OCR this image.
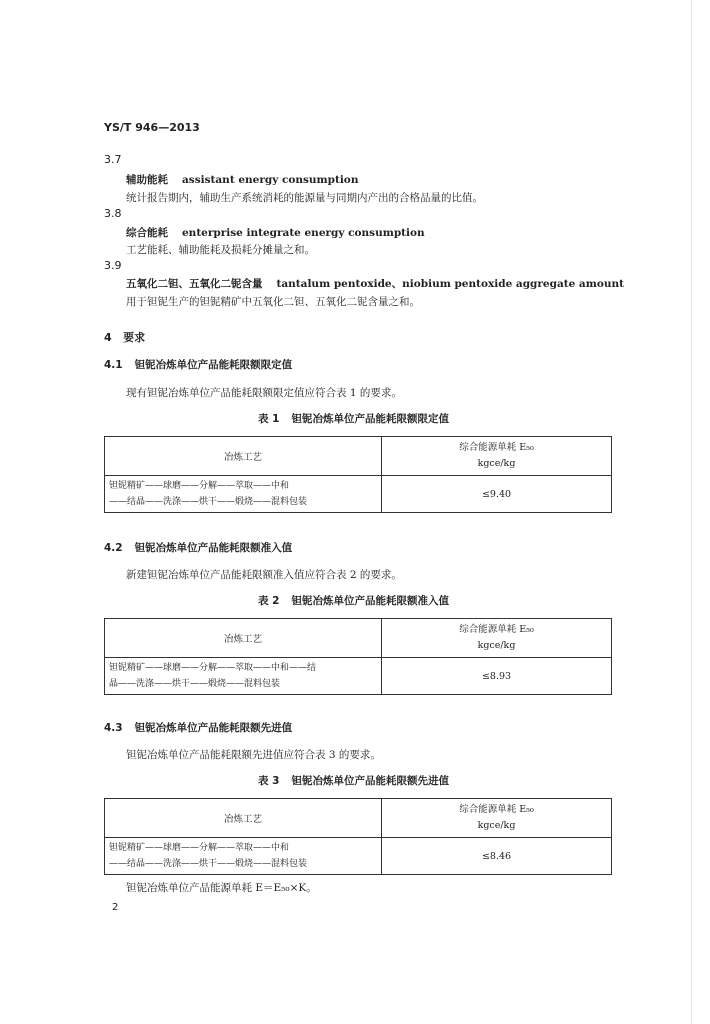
YS/T 946—2013
3.7
辅助能耗 assistant energy consumption
统计报告期内，辅助生产系统消耗的能源量与同期内产出的合格品量的比值。
3.8
综合能耗 enterprise integrate energy consumption
工艺能耗、辅助能耗及损耗分摊量之和。
3.9
五氧化二钽、五氧化二铌含量 tantalum pentoxide、niobium pentoxide aggregate amount
用于钽铌生产的钽铌精矿中五氧化二钽、五氧化二铌含量之和。
4 要求
4.1 钽铌冶炼单位产品能耗限额限定值
现有钽铌冶炼单位产品能耗限额限定值应符合表 1 的要求。
表 1 钽铌冶炼单位产品能耗限额限定值
冶炼工艺	综合能源单耗 E₅₀
kgce/kg

钽铌精矿——球磨——分解——萃取——中和
——结晶——洗涤——烘干——煅烧——混料包装	≤9.40
4.2 钽铌冶炼单位产品能耗限额准入值
新建钽铌冶炼单位产品能耗限额准入值应符合表 2 的要求。
表 2 钽铌冶炼单位产品能耗限额准入值
冶炼工艺	综合能源单耗 E₅₀
kgce/kg

钽铌精矿——球磨——分解——萃取——中和——结
晶——洗涤——烘干——煅烧——混料包装	≤8.93
4.3 钽铌冶炼单位产品能耗限额先进值
钽铌冶炼单位产品能耗限额先进值应符合表 3 的要求。
表 3 钽铌冶炼单位产品能耗限额先进值
冶炼工艺	综合能源单耗 E₅₀
kgce/kg

钽铌精矿——球磨——分解——萃取——中和
——结晶——洗涤——烘干——煅烧——混料包装	≤8.46
钽铌冶炼单位产品能源单耗 E＝E₅₀×K。
2
